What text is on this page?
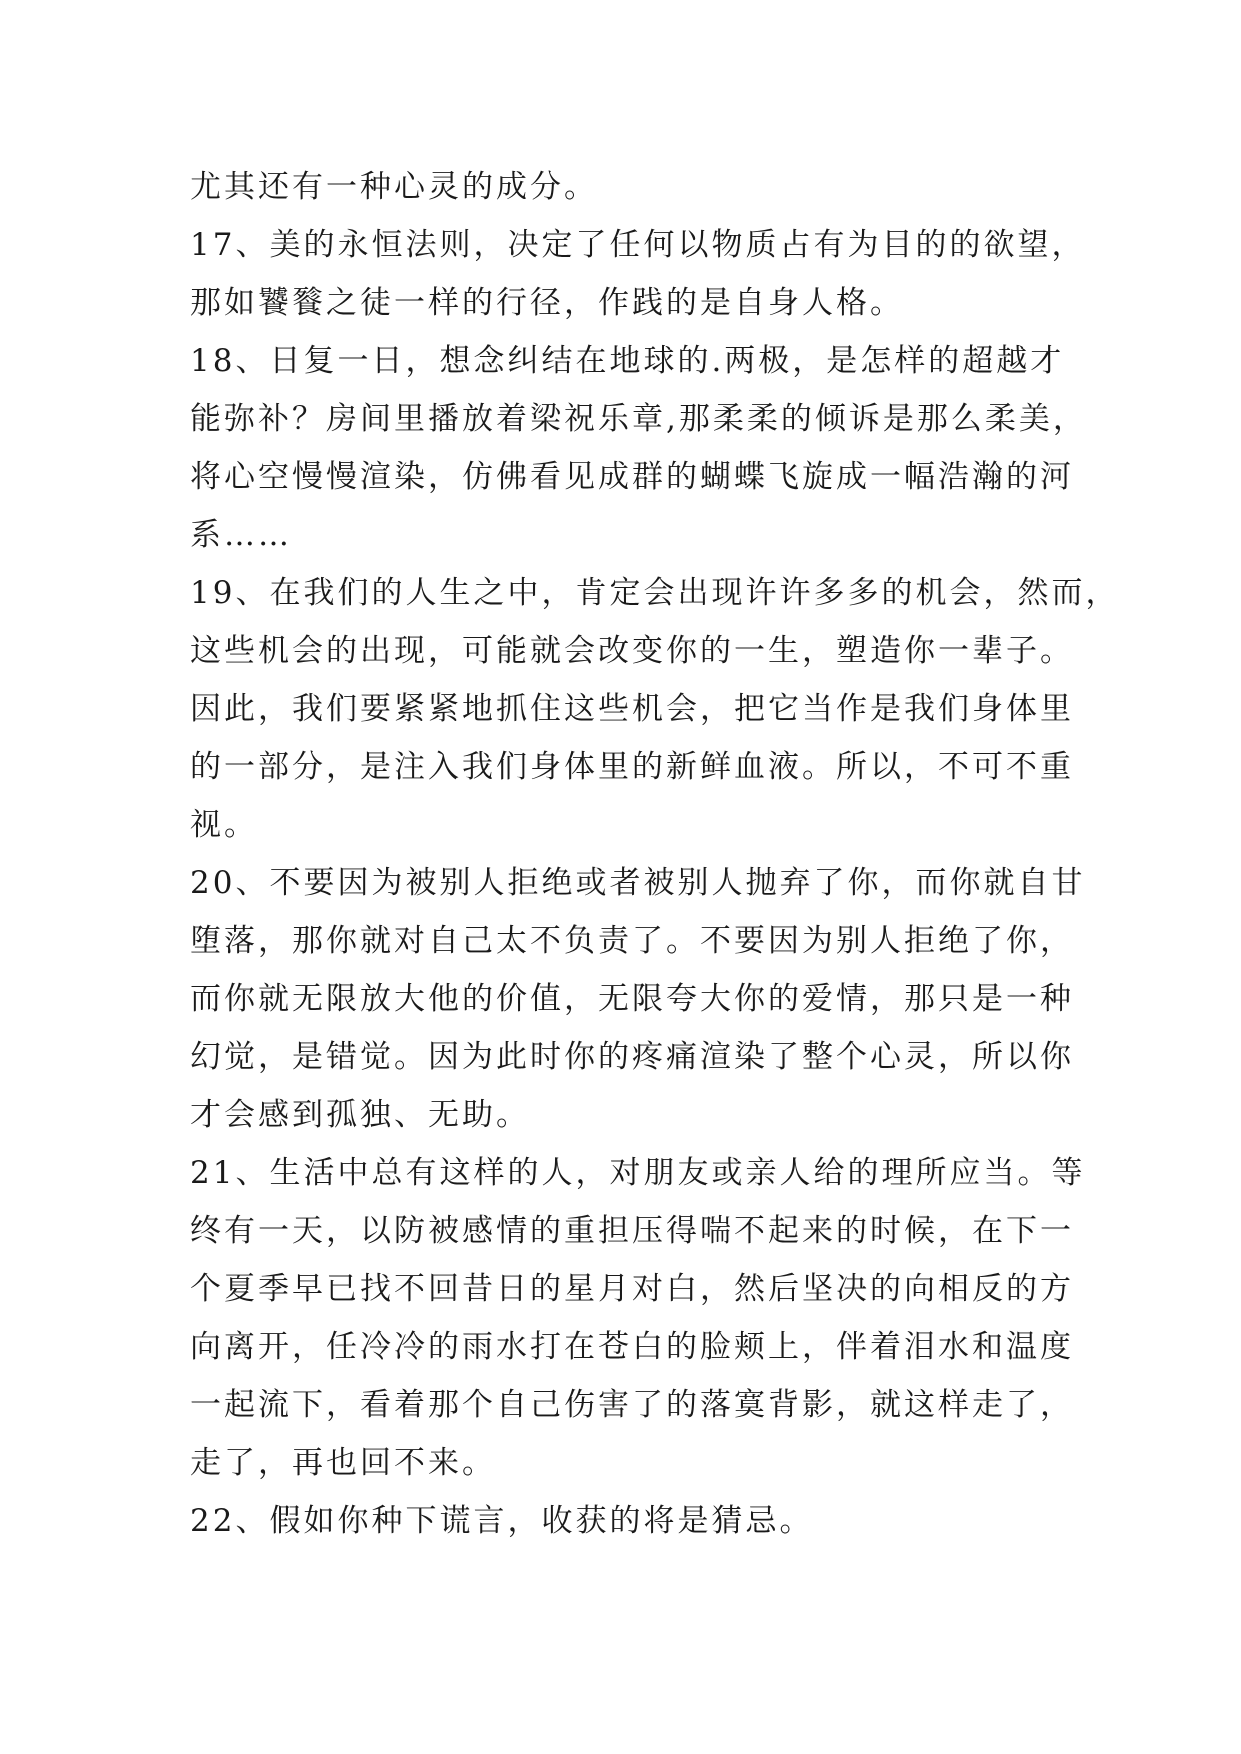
尤其还有一种心灵的成分。
17、美的永恒法则，决定了任何以物质占有为目的的欲望，
那如饕餮之徒一样的行径，作践的是自身人格。
18、日复一日，想念纠结在地球的.两极，是怎样的超越才
能弥补？房间里播放着梁祝乐章,那柔柔的倾诉是那么柔美，
将心空慢慢渲染，仿佛看见成群的蝴蝶飞旋成一幅浩瀚的河
系……
19、在我们的人生之中，肯定会出现许许多多的机会，然而，
这些机会的出现，可能就会改变你的一生，塑造你一辈子。
因此，我们要紧紧地抓住这些机会，把它当作是我们身体里
的一部分，是注入我们身体里的新鲜血液。所以，不可不重
视。
20、不要因为被别人拒绝或者被别人抛弃了你，而你就自甘
堕落，那你就对自己太不负责了。不要因为别人拒绝了你，
而你就无限放大他的价值，无限夸大你的爱情，那只是一种
幻觉，是错觉。因为此时你的疼痛渲染了整个心灵，所以你
才会感到孤独、无助。
21、生活中总有这样的人，对朋友或亲人给的理所应当。等
终有一天，以防被感情的重担压得喘不起来的时候，在下一
个夏季早已找不回昔日的星月对白，然后坚决的向相反的方
向离开，任冷冷的雨水打在苍白的脸颊上，伴着泪水和温度
一起流下，看着那个自己伤害了的落寞背影，就这样走了，
走了，再也回不来。
22、假如你种下谎言，收获的将是猜忌。
